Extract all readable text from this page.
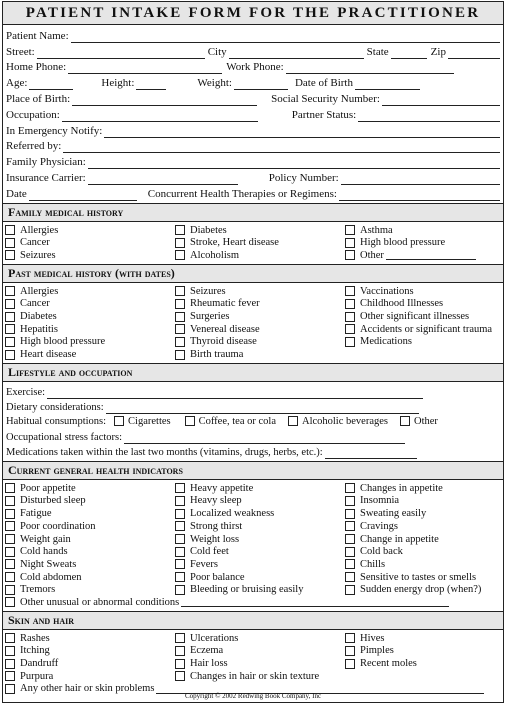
PATIENT INTAKE FORM FOR THE PRACTITIONER
Patient Name:
Street:	City	State	Zip
Home Phone:	Work Phone:
Age:	Height:	Weight:	Date of Birth
Place of Birth:	Social Security Number:
Occupation:	Partner Status:
In Emergency Notify:
Referred by:
Family Physician:
Insurance Carrier:	Policy Number:
Date	Concurrent Health Therapies or Regimens:
Family medical history
Allergies	Diabetes	Asthma
Cancer	Stroke, Heart disease	High blood pressure
Seizures	Alcoholism	Other
Past medical history (with dates)
Allergies	Seizures	Vaccinations
Cancer	Rheumatic fever	Childhood Illnesses
Diabetes	Surgeries	Other significant illnesses
Hepatitis	Venereal disease	Accidents or significant trauma
High blood pressure	Thyroid disease	Medications
Heart disease	Birth trauma
Lifestyle and occupation
Exercise:
Dietary considerations:
Habitual consumptions: Cigarettes	Coffee, tea or cola Alcoholic beverages Other
Occupational stress factors:
Medications taken within the last two months (vitamins, drugs, herbs, etc.):
Current general health indicators
Poor appetite	Heavy appetite	Changes in appetite
Disturbed sleep	Heavy sleep	Insomnia
Fatigue	Localized weakness	Sweating easily
Poor coordination	Strong thirst	Cravings
Weight gain	Weight loss	Change in appetite
Cold hands	Cold feet	Cold back
Night Sweats	Fevers	Chills
Cold abdomen	Poor balance	Sensitive to tastes or smells
Tremors	Bleeding or bruising easily	Sudden energy drop (when?)
Other unusual or abnormal conditions
Skin and hair
Rashes	Ulcerations	Hives
Itching	Eczema	Pimples
Dandruff	Hair loss	Recent moles
Purpura	Changes in hair or skin texture
Any other hair or skin problems
Copyright © 2002 Redwing Book Company, Inc
